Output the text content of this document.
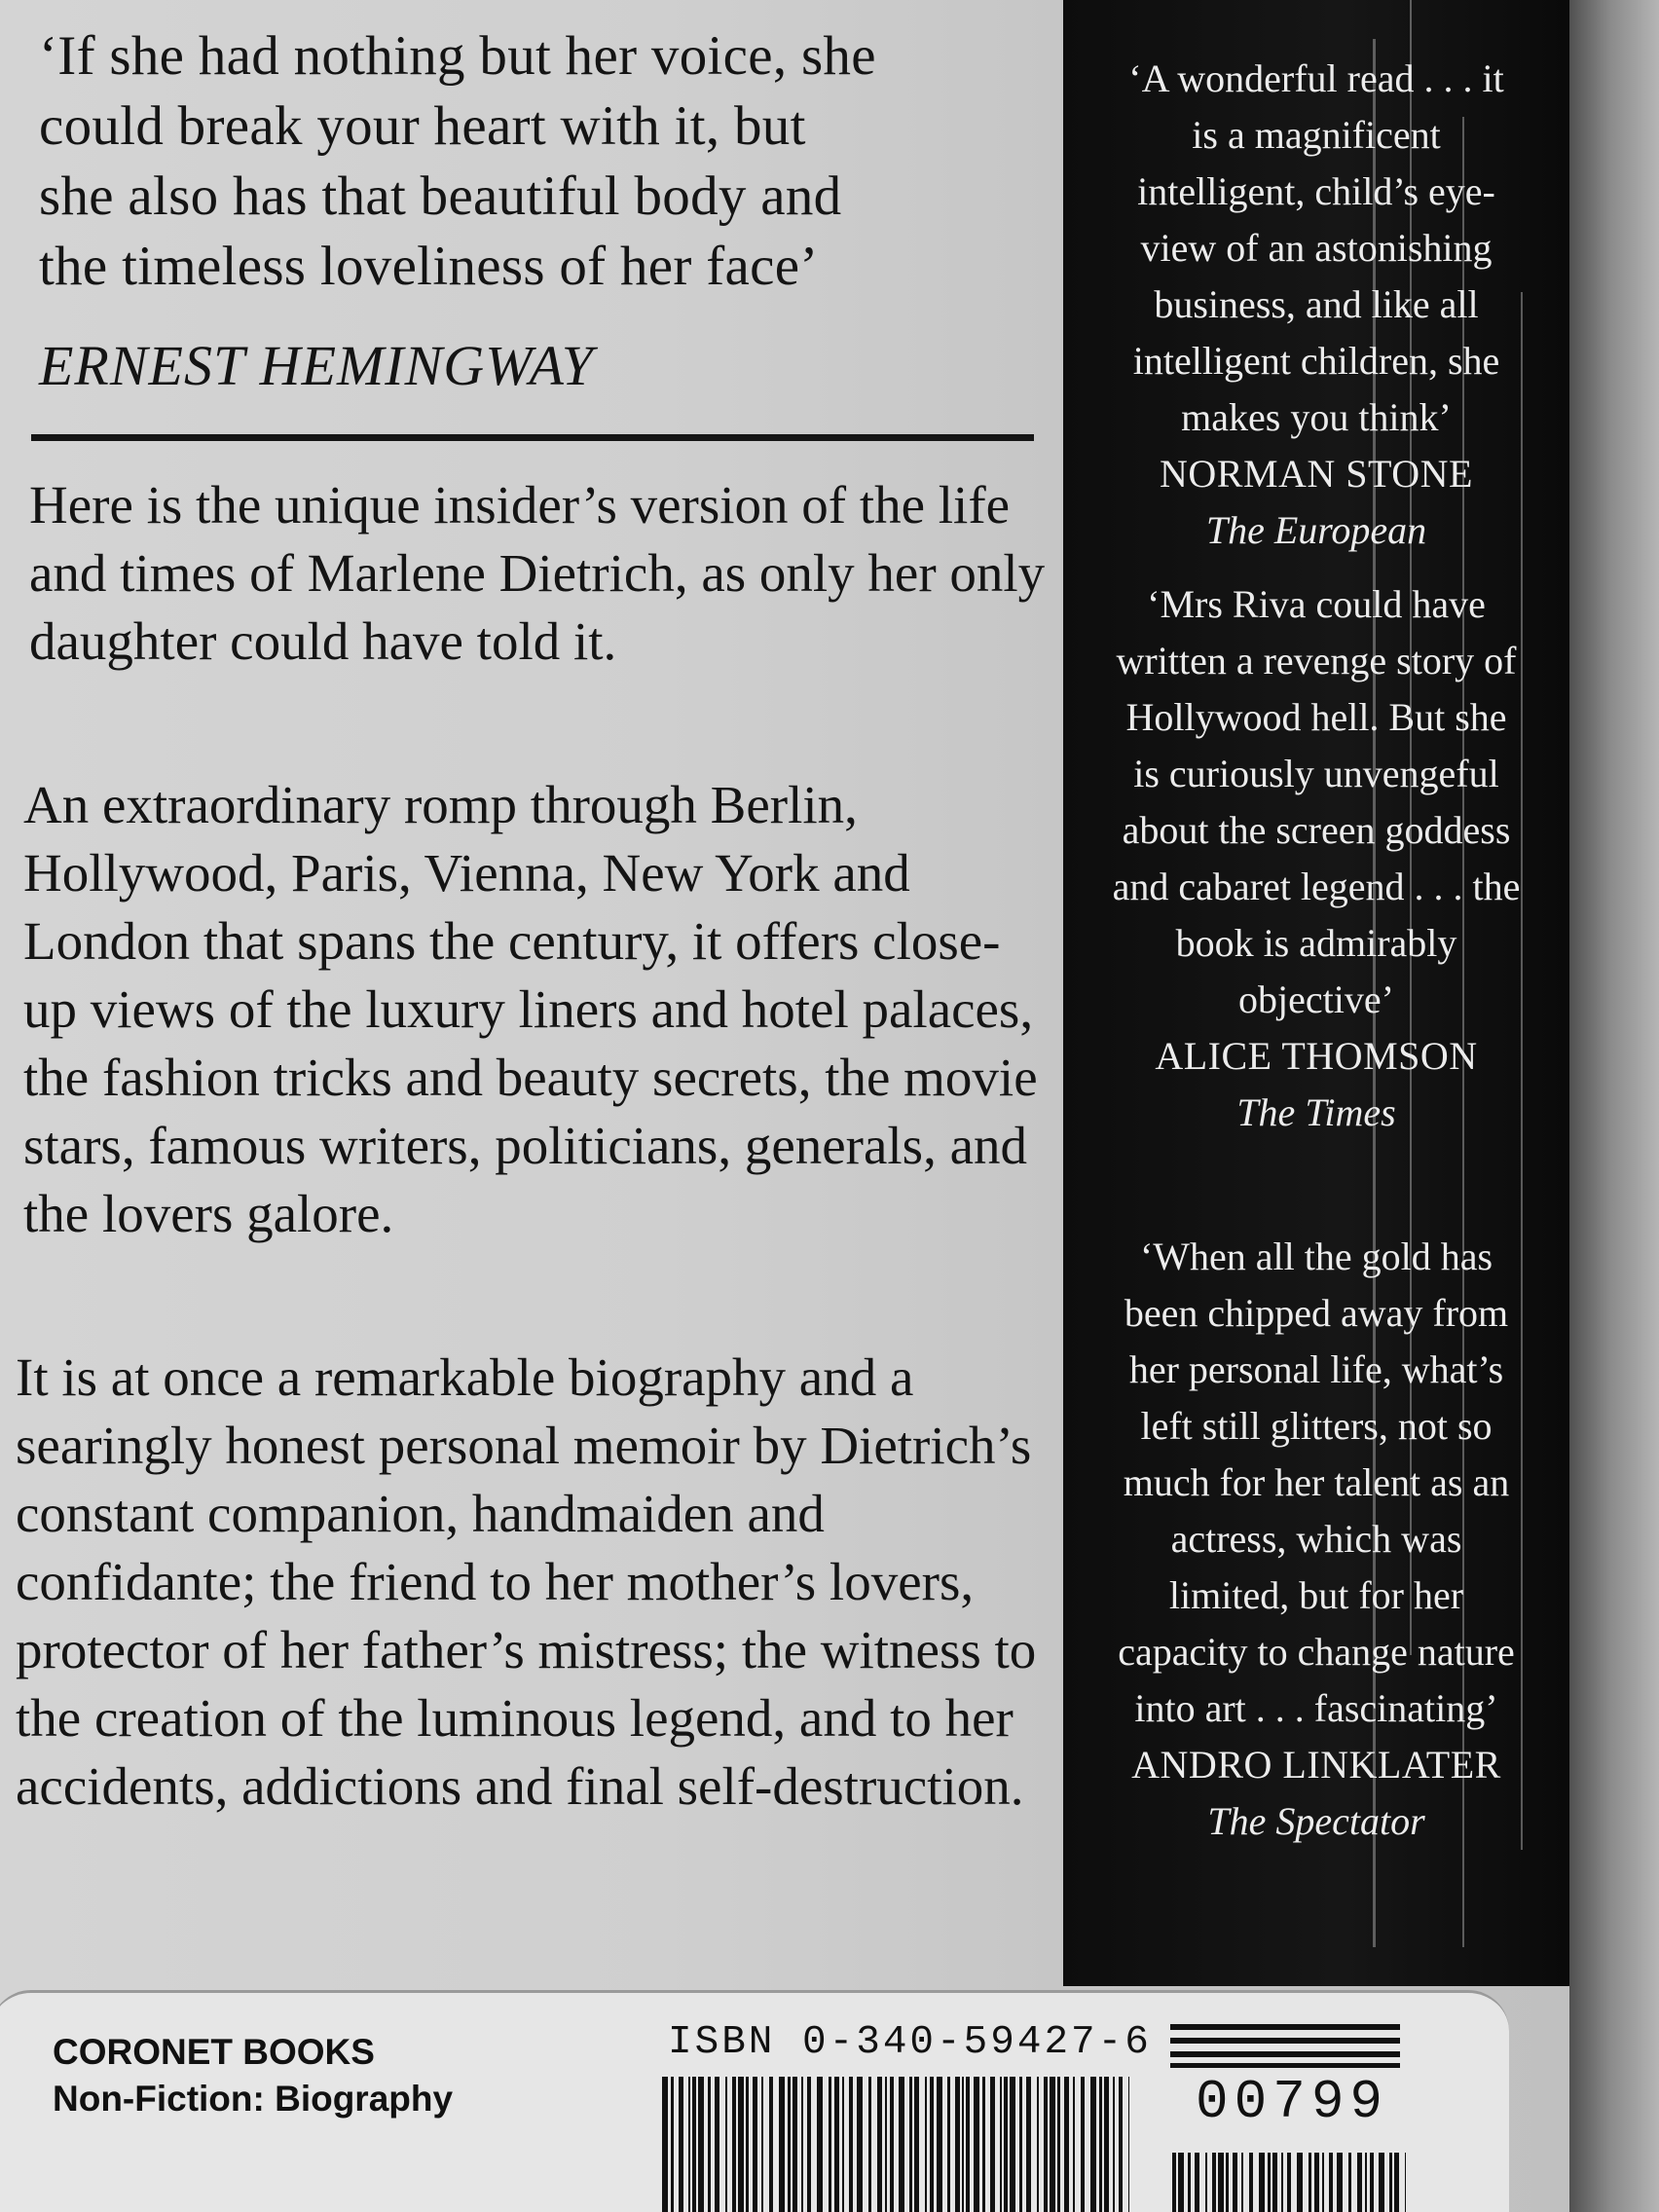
‘If she had nothing but her voice, she
could break your heart with it, but
she also has that beautiful body and
the timeless loveliness of her face’
ERNEST HEMINGWAY

Here is the unique insider’s version of the life and times of Marlene Dietrich, as only her only daughter could have told it.

An extraordinary romp through Berlin, Hollywood, Paris, Vienna, New York and London that spans the century, it offers close-up views of the luxury liners and hotel palaces, the fashion tricks and beauty secrets, the movie stars, famous writers, politicians, generals, and the lovers galore.

It is at once a remarkable biography and a searingly honest personal memoir by Dietrich’s constant companion, handmaiden and confidante; the friend to her mother’s lovers, protector of her father’s mistress; the witness to the creation of the luminous legend, and to her accidents, addictions and final self-destruction.

‘A wonderful read . . . it is a magnificent intelligent, child’s eye-view of an astonishing business, and like all intelligent children, she makes you think’
NORMAN STONE
The European
‘Mrs Riva could have written a revenge story of Hollywood hell. But she is curiously unvengeful about the screen goddess and cabaret legend . . . the book is admirably objective’
ALICE THOMSON
The Times
‘When all the gold has been chipped away from her personal life, what’s left still glitters, not so much for her talent as an actress, which was limited, but for her capacity to change nature into art . . . fascinating’
ANDRO LINKLATER
The Spectator
CORONET BOOKS
Non-Fiction: Biography
ISBN 0-340-59427-6
00799
